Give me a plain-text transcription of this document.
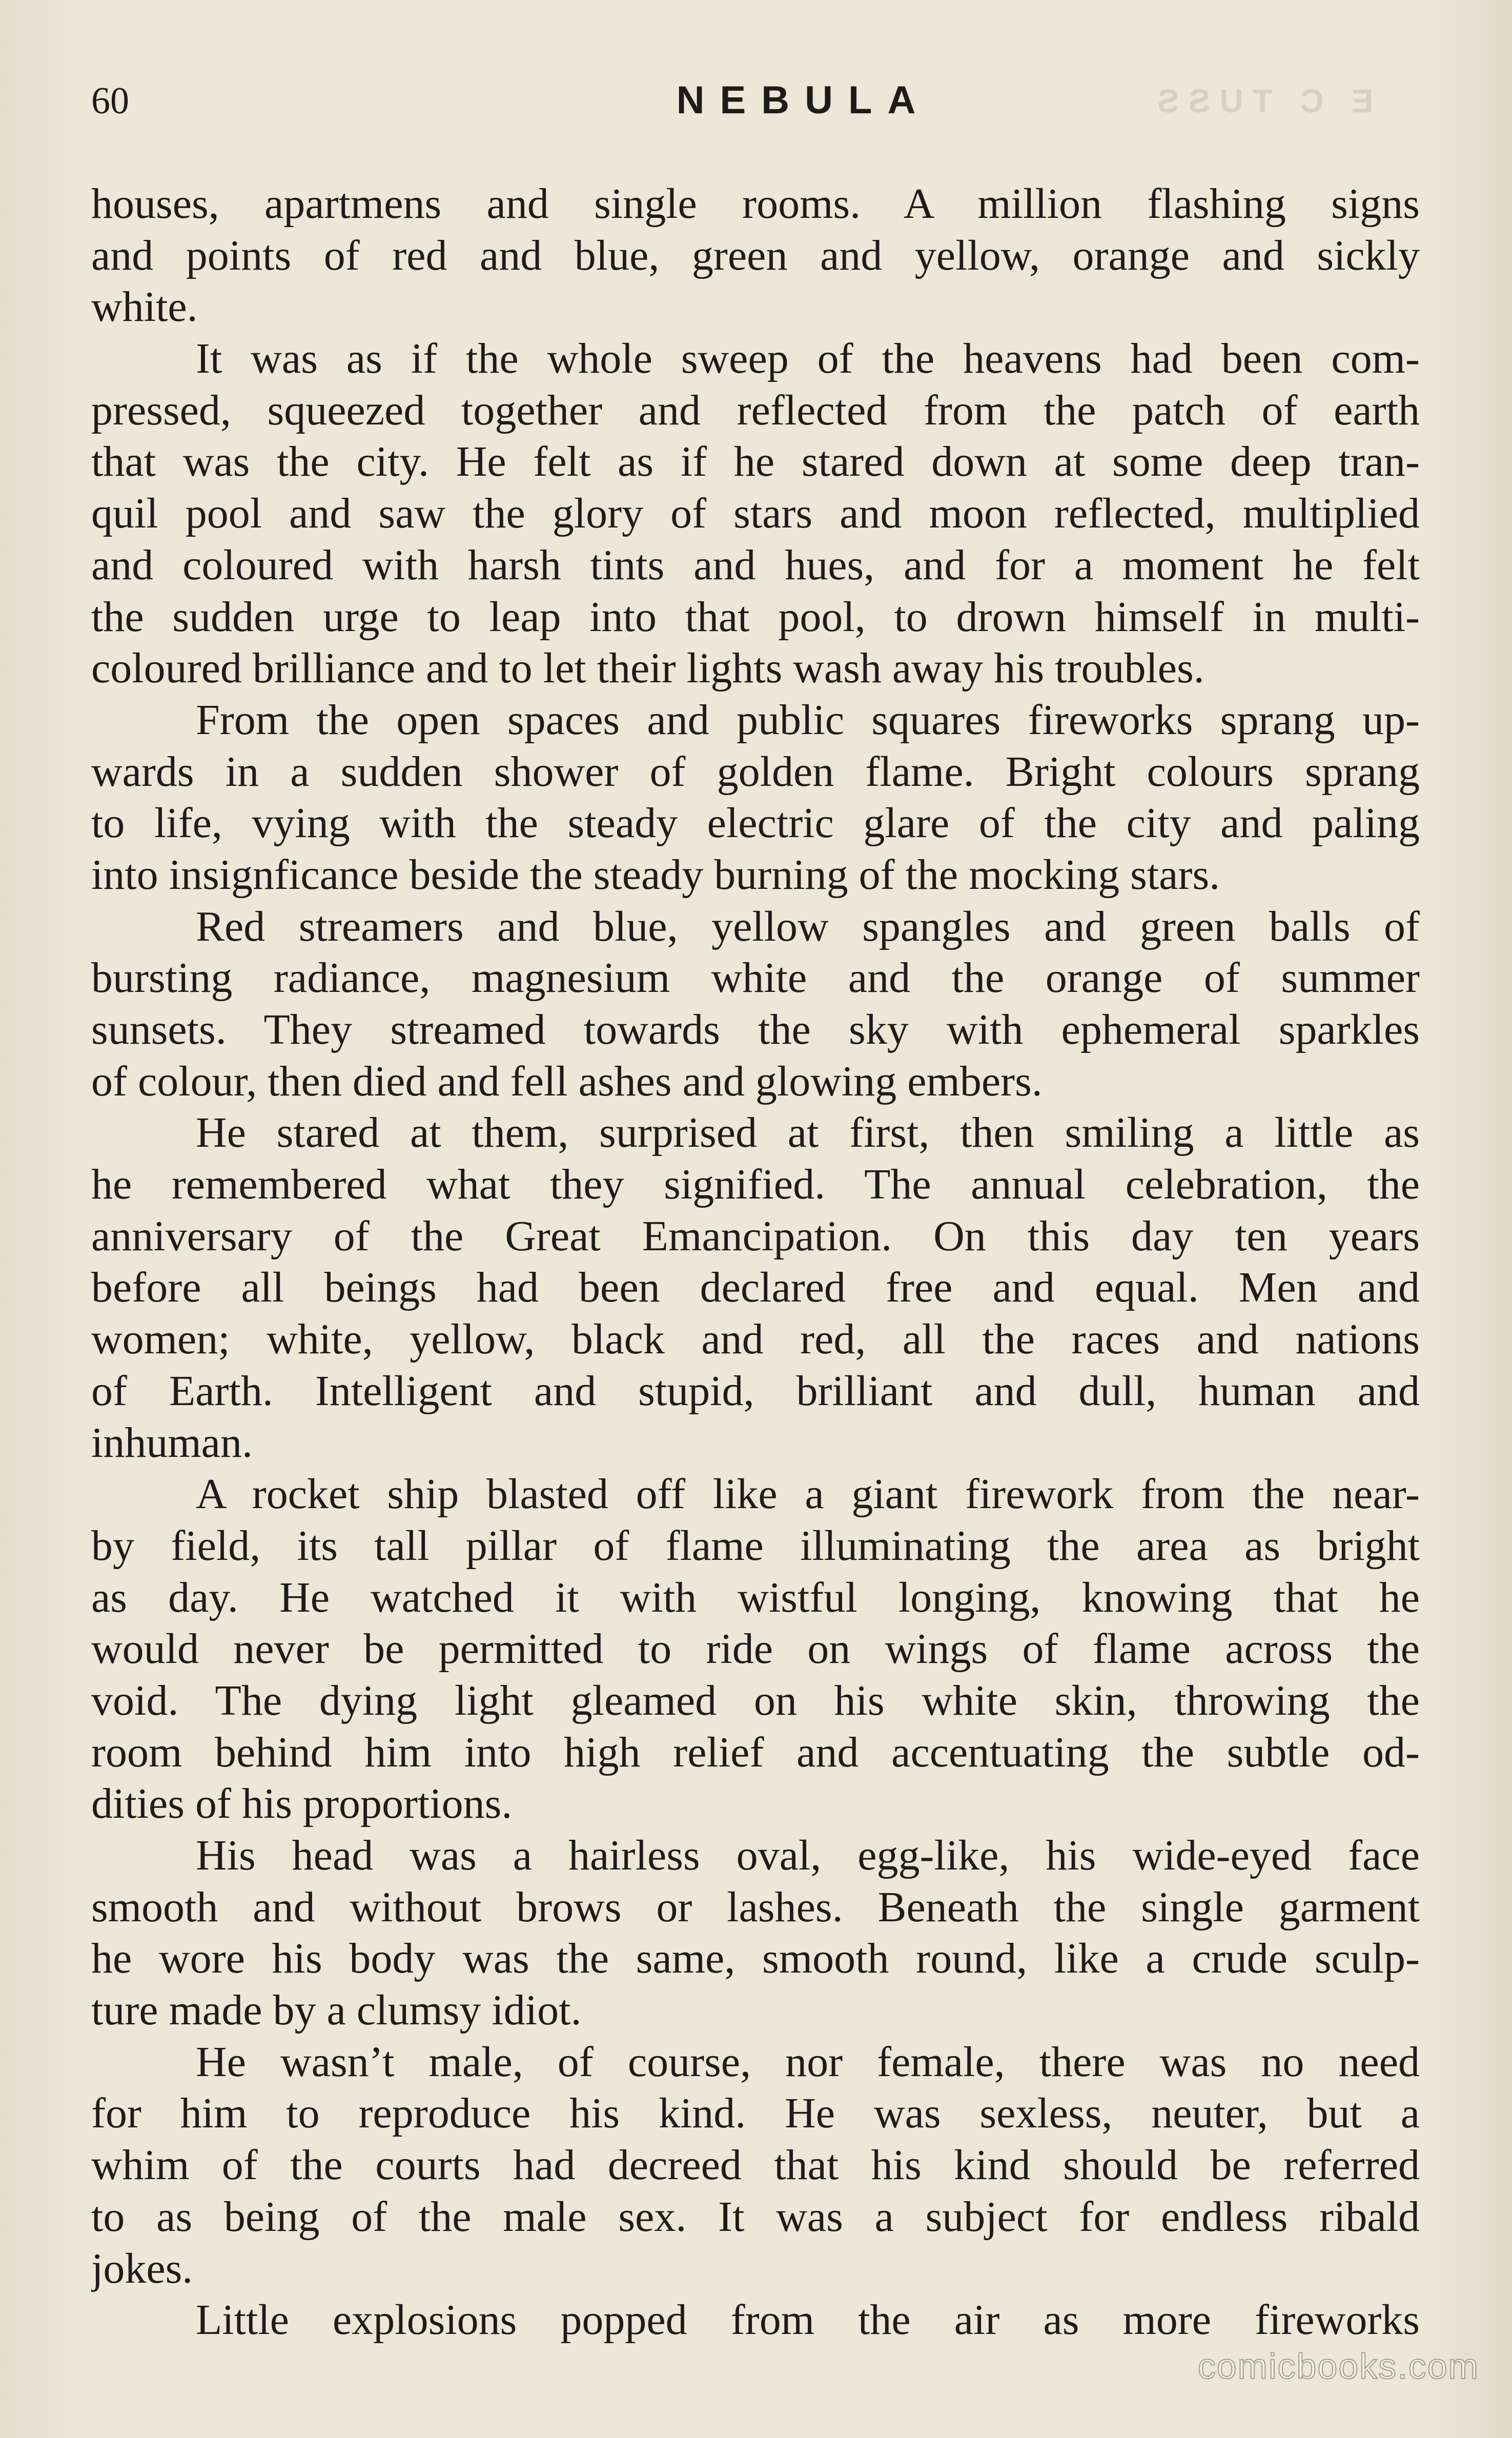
60	NEBULA	E C TUSS
houses, apartmens and single rooms. A million flashing signs
and points of red and blue, green and yellow, orange and sickly
white.
It was as if the whole sweep of the heavens had been com-
pressed, squeezed together and reflected from the patch of earth
that was the city. He felt as if he stared down at some deep tran-
quil pool and saw the glory of stars and moon reflected, multiplied
and coloured with harsh tints and hues, and for a moment he felt
the sudden urge to leap into that pool, to drown himself in multi-
coloured brilliance and to let their lights wash away his troubles.
From the open spaces and public squares fireworks sprang up-
wards in a sudden shower of golden flame. Bright colours sprang
to life, vying with the steady electric glare of the city and paling
into insignficance beside the steady burning of the mocking stars.
Red streamers and blue, yellow spangles and green balls of
bursting radiance, magnesium white and the orange of summer
sunsets. They streamed towards the sky with ephemeral sparkles
of colour, then died and fell ashes and glowing embers.
He stared at them, surprised at first, then smiling a little as
he remembered what they signified. The annual celebration, the
anniversary of the Great Emancipation. On this day ten years
before all beings had been declared free and equal. Men and
women; white, yellow, black and red, all the races and nations
of Earth. Intelligent and stupid, brilliant and dull, human and
inhuman.
A rocket ship blasted off like a giant firework from the near-
by field, its tall pillar of flame illuminating the area as bright
as day. He watched it with wistful longing, knowing that he
would never be permitted to ride on wings of flame across the
void. The dying light gleamed on his white skin, throwing the
room behind him into high relief and accentuating the subtle od-
dities of his proportions.
His head was a hairless oval, egg-like, his wide-eyed face
smooth and without brows or lashes. Beneath the single garment
he wore his body was the same, smooth round, like a crude sculp-
ture made by a clumsy idiot.
He wasn’t male, of course, nor female, there was no need
for him to reproduce his kind. He was sexless, neuter, but a
whim of the courts had decreed that his kind should be referred
to as being of the male sex. It was a subject for endless ribald
jokes.
Little explosions popped from the air as more fireworks
comicbooks.com
